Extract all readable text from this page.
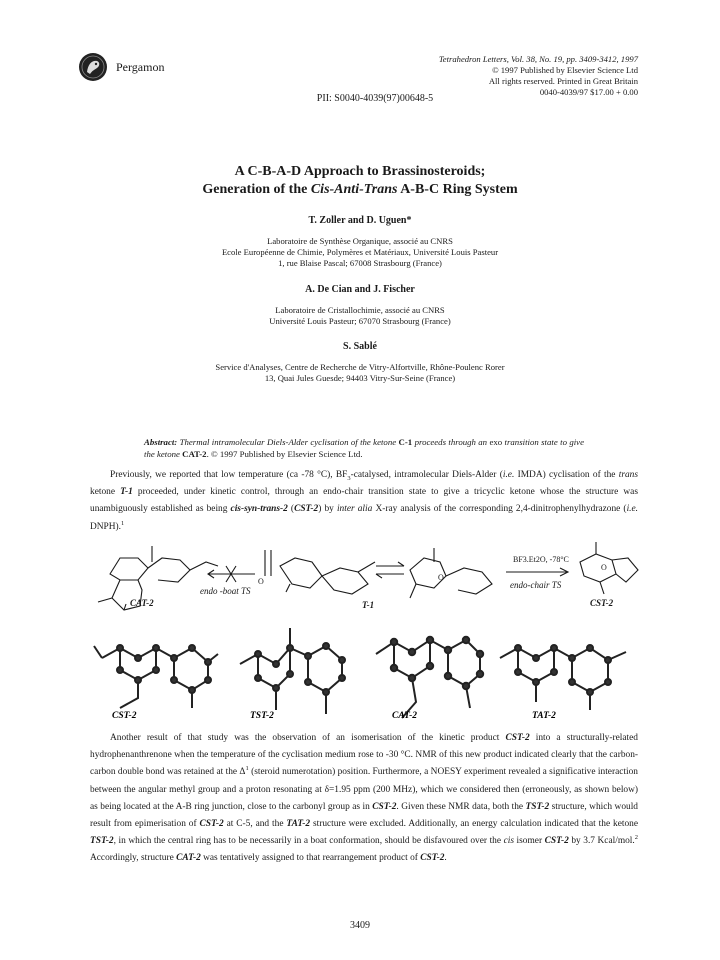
Pergamon
Tetrahedron Letters, Vol. 38, No. 19, pp. 3409-3412, 1997
© 1997 Published by Elsevier Science Ltd
All rights reserved. Printed in Great Britain
0040-4039/97 $17.00 + 0.00
PII: S0040-4039(97)00648-5
A C-B-A-D Approach to Brassinosteroids;
Generation of the Cis-Anti-Trans A-B-C Ring System
T. Zoller and D. Uguen*
Laboratoire de Synthèse Organique, associé au CNRS
Ecole Européenne de Chimie, Polymères et Matériaux, Université Louis Pasteur
1, rue Blaise Pascal; 67008 Strasbourg (France)
A. De Cian and J. Fischer
Laboratoire de Cristallochimie, associé au CNRS
Université Louis Pasteur; 67070 Strasbourg (France)
S. Sablé
Service d'Analyses, Centre de Recherche de Vitry-Alfortville, Rhône-Poulenc Rorer
13, Quai Jules Guesde; 94403 Vitry-Sur-Seine (France)
Abstract: Thermal intramolecular Diels-Alder cyclisation of the ketone C-1 proceeds through an exo transition state to give the ketone CAT-2. © 1997 Published by Elsevier Science Ltd.
Previously, we reported that low temperature (ca -78 °C), $BF_3$-catalysed, intramolecular Diels-Alder (i.e. IMDA) cyclisation of the trans ketone T-1 proceeded, under kinetic control, through an endo-chair transition state to give a tricyclic ketone whose the structure was unambiguously established as being cis-syn-trans-2 (CST-2) by inter alia X-ray analysis of the corresponding 2,4-dinitrophenylhydrazone (i.e. DNPH).$^1$
O
O
O
BF3.Et2O, -78°C
endo -boat TS
endo-chair TS
CAT-2	T-1	CST-2
CST-2	TST-2	CAT-2	TAT-2
Another result of that study was the observation of an isomerisation of the kinetic product CST-2 into a structurally-related hydrophenanthrenone when the temperature of the cyclisation medium rose to -30 °C. NMR of this new product indicated clearly that the carbon-carbon double bond was retained at the $\Delta^1$ (steroid numerotation) position. Furthermore, a NOESY experiment revealed a significative interaction between the angular methyl group and a proton resonating at δ=1.95 ppm (200 MHz), which we considered then (erroneously, as shown below) as being located at the A-B ring junction, close to the carbonyl group as in CST-2. Given these NMR data, both the TST-2 structure, which would result from epimerisation of CST-2 at C-5, and the TAT-2 structure were excluded. Additionally, an energy calculation indicated that the ketone TST-2, in which the central ring has to be necessarily in a boat conformation, should be disfavoured over the cis isomer CST-2 by 3.7 Kcal/mol.$^2$ Accordingly, structure CAT-2 was tentatively assigned to that rearrangement product of CST-2.
3409
